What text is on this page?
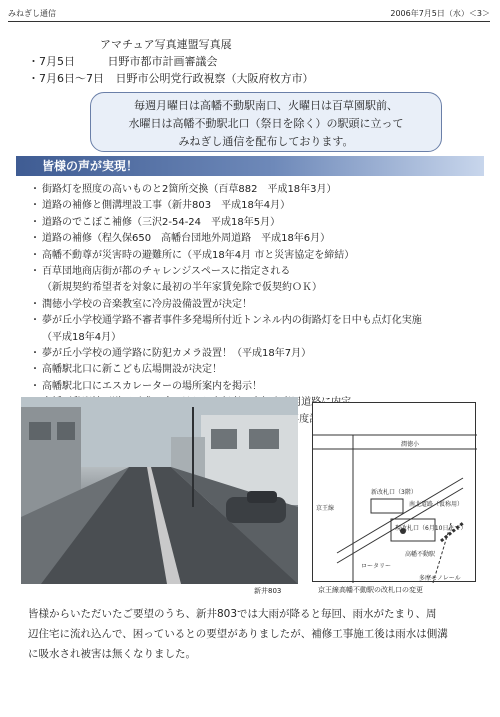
みねぎし通信	2006年7月5日（水）＜3＞
アマチュア写真連盟写真展
・7月5日	日野市都市計画審議会
・7月6日〜7日 日野市公明党行政視察（大阪府枚方市）
毎週月曜日は高幡不動駅南口、火曜日は百草園駅前、
水曜日は高幡不動駅北口（祭日を除く）の駅頭に立って
みねぎし通信を配布しております。
皆様の声が実現！
・ 街路灯を照度の高いものと2箇所交換（百草882　平成18年3月）
・ 道路の補修と側溝埋設工事（新井803　平成18年4月）
・ 道路のでこぼこ補修（三沢2-54-24　平成18年5月）
・ 道路の補修（程久保650　高幡台団地外周道路　平成18年6月）
・ 高幡不動尊が災害時の避難所に（平成18年4月 市と災害協定を締結）
・ 百草団地商店街が都のチャレンジスペースに指定される
（新規契約希望者を対象に最初の半年家賃免除で仮契約ＯＫ）
・ 潤徳小学校の音楽教室に冷房設備設置が決定！
・ 夢が丘小学校通学路不審者事件多発場所付近トンネル内の街路灯を日中も点灯化実施
（平成18年4月）
・ 夢が丘小学校の通学路に防犯カメラ設置！（平成18年7月）
・ 高幡駅北口に新こども広場開設が決定！
・ 高幡駅北口にエスカレーターの場所案内を掲示！
新井803
潤徳小
京王線
新改札口（3階）
南北道路（仮称用）
現改札口（6月10日まで）
高幡不動駅
ロータリー
多摩モノレール
京王線高幡不動駅の改札口の変更

皆様からいただいたご要望のうち、新井803では大雨が降ると毎回、雨水がたまり、周

辺住宅に流れ込んで、困っているとの要望がありましたが、補修工事施工後は雨水は側溝

に吸水され被害は無くなりました。
